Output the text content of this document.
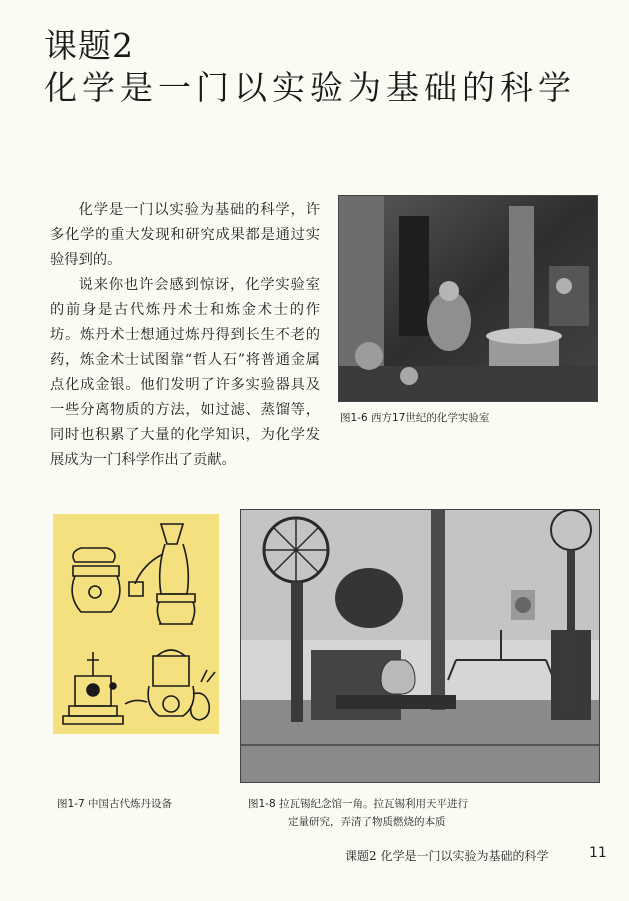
课题2
化学是一门以实验为基础的科学

化学是一门以实验为基础的科学，许多化学的重大发现和研究成果都是通过实验得到的。

说来你也许会感到惊讶，化学实验室的前身是古代炼丹术士和炼金术士的作坊。炼丹术士想通过炼丹得到长生不老的药，炼金术士试图靠“哲人石”将普通金属点化成金银。他们发明了许多实验器具及一些分离物质的方法，如过滤、蒸馏等，同时也积累了大量的化学知识，为化学发展成为一门科学作出了贡献。

图1-6 西方17世纪的化学实验室
图1-7 中国古代炼丹设备	图1-8 拉瓦锡纪念馆一角。拉瓦锡利用天平进行
定量研究，弄清了物质燃烧的本质
课题2 化学是一门以实验为基础的科学	11
